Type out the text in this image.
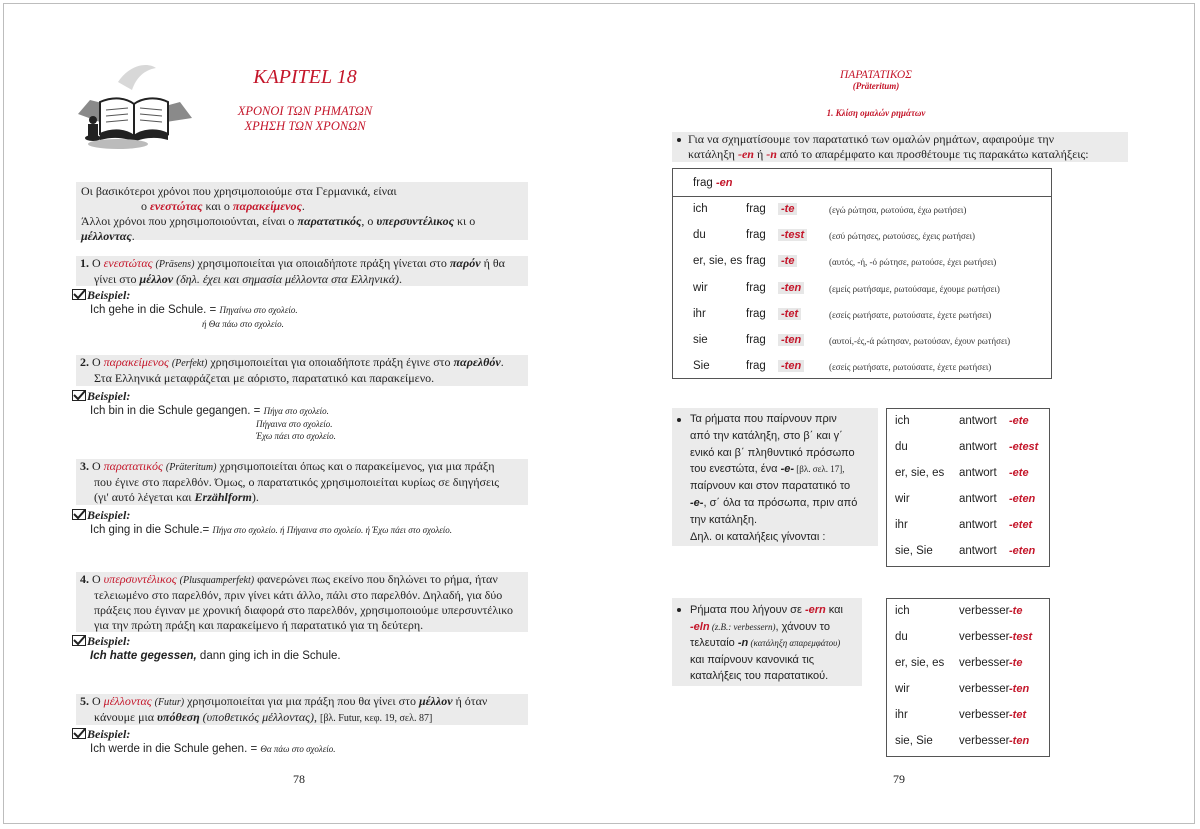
KAPITEL 18
ΧΡΟΝΟΙ ΤΩΝ ΡΗΜΑΤΩΝ
ΧΡΗΣΗ ΤΩΝ ΧΡΟΝΩΝ
Οι βασικότεροι χρόνοι που χρησιμοποιούμε στα Γερμανικά, είναι
ο ενεστώτας και ο παρακείμενος.
Άλλοι χρόνοι που χρησιμοποιούνται, είναι ο παρατατικός, ο υπερσυντέλικος κι ο
μέλλοντας.
1. Ο ενεστώτας (Präsens) χρησιμοποιείται για οποιαδήποτε πράξη γίνεται στο παρόν ή θα
γίνει στο μέλλον (δηλ. έχει και σημασία μέλλοντα στα Ελληνικά).
Beispiel:
Ich gehe in die Schule. = Πηγαίνω στο σχολείο.
ή Θα πάω στο σχολείο.
2. Ο παρακείμενος (Perfekt) χρησιμοποιείται για οποιαδήποτε πράξη έγινε στο παρελθόν.
Στα Ελληνικά μεταφράζεται με αόριστο, παρατατικό και παρακείμενο.
Beispiel:
Ich bin in die Schule gegangen. = Πήγα στο σχολείο.
Πήγαινα στο σχολείο.
Έχω πάει στο σχολείο.
3. Ο παρατατικός (Präteritum) χρησιμοποιείται όπως και ο παρακείμενος, για μια πράξη
που έγινε στο παρελθόν. Όμως, ο παρατατικός χρησιμοποιείται κυρίως σε διηγήσεις
(γι' αυτό λέγεται και Erzählform).
Beispiel:
Ich ging in die Schule.= Πήγα στο σχολείο. ή Πήγαινα στο σχολείο. ή Έχω πάει στο σχολείο.
4. Ο υπερσυντέλικος (Plusquamperfekt) φανερώνει πως εκείνο που δηλώνει το ρήμα, ήταν
τελειωμένο στο παρελθόν, πριν γίνει κάτι άλλο, πάλι στο παρελθόν. Δηλαδή, για δύο
πράξεις που έγιναν με χρονική διαφορά στο παρελθόν, χρησιμοποιούμε υπερσυντέλικο
για την πρώτη πράξη και παρακείμενο ή παρατατικό για τη δεύτερη.
Beispiel:
Ich hatte gegessen, dann ging ich in die Schule.
5. Ο μέλλοντας (Futur) χρησιμοποιείται για μια πράξη που θα γίνει στο μέλλον ή όταν
κάνουμε μια υπόθεση (υποθετικός μέλλοντας), [βλ. Futur, κεφ. 19, σελ. 87]
Beispiel:
Ich werde in die Schule gehen. = Θα πάω στο σχολείο.
78
ΠΑΡΑΤΑΤΙΚΟΣ
(Präteritum)
1. Κλίση ομαλών ρημάτων
Για να σχηματίσουμε τον παρατατικό των ομαλών ρημάτων, αφαιρούμε την
κατάληξη -en ή -n από το απαρέμφατο και προσθέτουμε τις παρακάτω καταλήξεις:
frag -en
ich	frag -te	(εγώ ρώτησα, ρωτούσα, έχω ρωτήσει)
du	frag -test	(εσύ ρώτησες, ρωτούσες, έχεις ρωτήσει)
er, sie, es frag -te	(αυτός, -ή, -ό ρώτησε, ρωτούσε, έχει ρωτήσει)
wir	frag -ten	(εμείς ρωτήσαμε, ρωτούσαμε, έχουμε ρωτήσει)
ihr	frag -tet	(εσείς ρωτήσατε, ρωτούσατε, έχετε ρωτήσει)
sie	frag -ten	(αυτοί,-ές,-ά ρώτησαν, ρωτούσαν, έχουν ρωτήσει)
Sie	frag -ten	(εσείς ρωτήσατε, ρωτούσατε, έχετε ρωτήσει)
Τα ρήματα που παίρνουν πριν
από την κατάληξη, στο β΄ και γ΄
ενικό και β΄ πληθυντικό πρόσωπο
του ενεστώτα, ένα -e- [βλ. σελ. 17],
παίρνουν και στον παρατατικό το
-e-, σ΄ όλα τα πρόσωπα, πριν από
την κατάληξη.
Δηλ. οι καταλήξεις γίνονται :
ich	antwort -ete
du	antwort -etest
er, sie, es antwort -ete
wir	antwort -eten
ihr	antwort -etet
sie, Sie antwort -eten
Ρήματα που λήγουν σε -ern και
-eln (z.B.: verbessern), χάνουν το
τελευταίο -n (κατάληξη απαρεμφάτου)
και παίρνουν κανονικά τις
καταλήξεις του παρατατικού.
ich	verbesser -te
du	verbesser -test
er, sie, es verbesser -te
wir	verbesser -ten
ihr	verbesser -tet
sie, Sie verbesser -ten
79
